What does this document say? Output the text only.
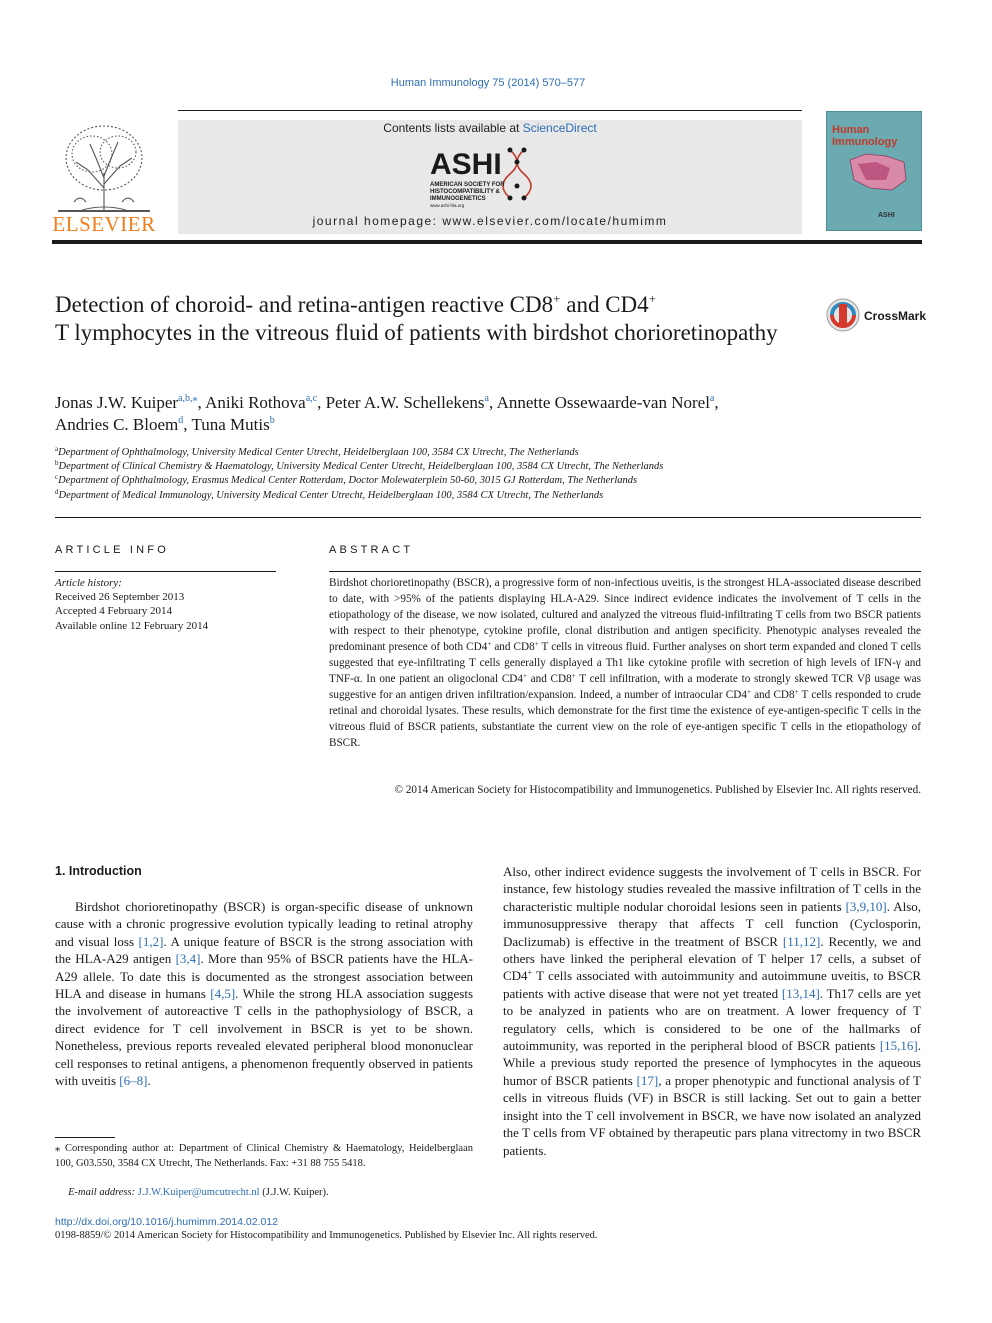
Human Immunology 75 (2014) 570–577
ELSEVIER
Contents lists available at ScienceDirect
ASHI
AMERICAN SOCIETY FOR
HISTOCOMPATIBILITY &
IMMUNOGENETICS
www.ashi-hla.org
journal homepage: www.elsevier.com/locate/humimm
Human
Immunology
ASHI
Detection of choroid- and retina-antigen reactive CD8+ and CD4+
T lymphocytes in the vitreous fluid of patients with birdshot chorioretinopathy
CrossMark
Jonas J.W. Kuiper$^{a,b,⁎}$, Aniki Rothova$^{a,c}$, Peter A.W. Schellekens$^a$, Annette Ossewaarde-van Norel$^a$,
Andries C. Bloem$^d$, Tuna Mutis$^b$
$^a$Department of Ophthalmology, University Medical Center Utrecht, Heidelberglaan 100, 3584 CX Utrecht, The Netherlands
$^b$Department of Clinical Chemistry & Haematology, University Medical Center Utrecht, Heidelberglaan 100, 3584 CX Utrecht, The Netherlands
$^c$Department of Ophthalmology, Erasmus Medical Center Rotterdam, Doctor Molewaterplein 50-60, 3015 GJ Rotterdam, The Netherlands
$^d$Department of Medical Immunology, University Medical Center Utrecht, Heidelberglaan 100, 3584 CX Utrecht, The Netherlands
ARTICLE INFO
Article history:
Received 26 September 2013
Accepted 4 February 2014
Available online 12 February 2014
ABSTRACT
Birdshot chorioretinopathy (BSCR), a progressive form of non-infectious uveitis, is the strongest HLA-associated disease described to date, with >95% of the patients displaying HLA-A29. Since indirect evidence indicates the involvement of T cells in the etiopathology of the disease, we now isolated, cultured and analyzed the vitreous fluid-infiltrating T cells from two BSCR patients with respect to their phenotype, cytokine profile, clonal distribution and antigen specificity. Phenotypic analyses revealed the predominant presence of both CD4+ and CD8+ T cells in vitreous fluid. Further analyses on short term expanded and cloned T cells suggested that eye-infiltrating T cells generally displayed a Th1 like cytokine profile with secretion of high levels of IFN-γ and TNF-α. In one patient an oligoclonal CD4+ and CD8+ T cell infiltration, with a moderate to strongly skewed TCR Vβ usage was suggestive for an antigen driven infiltration/expansion. Indeed, a number of intraocular CD4+ and CD8+ T cells responded to crude retinal and choroidal lysates. These results, which demonstrate for the first time the existence of eye-antigen-specific T cells in the vitreous fluid of BSCR patients, substantiate the current view on the role of eye-antigen specific T cells in the etiopathology of BSCR.
© 2014 American Society for Histocompatibility and Immunogenetics. Published by Elsevier Inc. All rights reserved.
1. Introduction
Birdshot chorioretinopathy (BSCR) is organ-specific disease of unknown cause with a chronic progressive evolution typically leading to retinal atrophy and visual loss [1,2]. A unique feature of BSCR is the strong association with the HLA-A29 antigen [3,4]. More than 95% of BSCR patients have the HLA-A29 allele. To date this is documented as the strongest association between HLA and disease in humans [4,5]. While the strong HLA association suggests the involvement of autoreactive T cells in the pathophysiology of BSCR, a direct evidence for T cell involvement in BSCR is yet to be shown. Nonetheless, previous reports revealed elevated peripheral blood mononuclear cell responses to retinal antigens, a phenomenon frequently observed in patients with uveitis [6–8].
Also, other indirect evidence suggests the involvement of T cells in BSCR. For instance, few histology studies revealed the massive infiltration of T cells in the characteristic multiple nodular choroidal lesions seen in patients [3,9,10]. Also, immunosuppressive therapy that affects T cell function (Cyclosporin, Daclizumab) is effective in the treatment of BSCR [11,12]. Recently, we and others have linked the peripheral elevation of T helper 17 cells, a subset of CD4+ T cells associated with autoimmunity and autoimmune uveitis, to BSCR patients with active disease that were not yet treated [13,14]. Th17 cells are yet to be analyzed in patients who are on treatment. A lower frequency of T regulatory cells, which is considered to be one of the hallmarks of autoimmunity, was reported in the peripheral blood of BSCR patients [15,16]. While a previous study reported the presence of lymphocytes in the aqueous humor of BSCR patients [17], a proper phenotypic and functional analysis of T cells in vitreous fluids (VF) in BSCR is still lacking. Set out to gain a better insight into the T cell involvement in BSCR, we have now isolated an analyzed the T cells from VF obtained by therapeutic pars plana vitrectomy in two BSCR patients.
⁎ Corresponding author at: Department of Clinical Chemistry & Haematology, Heidelberglaan 100, G03.550, 3584 CX Utrecht, The Netherlands. Fax: +31 88 755 5418.
E-mail address: J.J.W.Kuiper@umcutrecht.nl (J.J.W. Kuiper).
http://dx.doi.org/10.1016/j.humimm.2014.02.012
0198-8859/© 2014 American Society for Histocompatibility and Immunogenetics. Published by Elsevier Inc. All rights reserved.
